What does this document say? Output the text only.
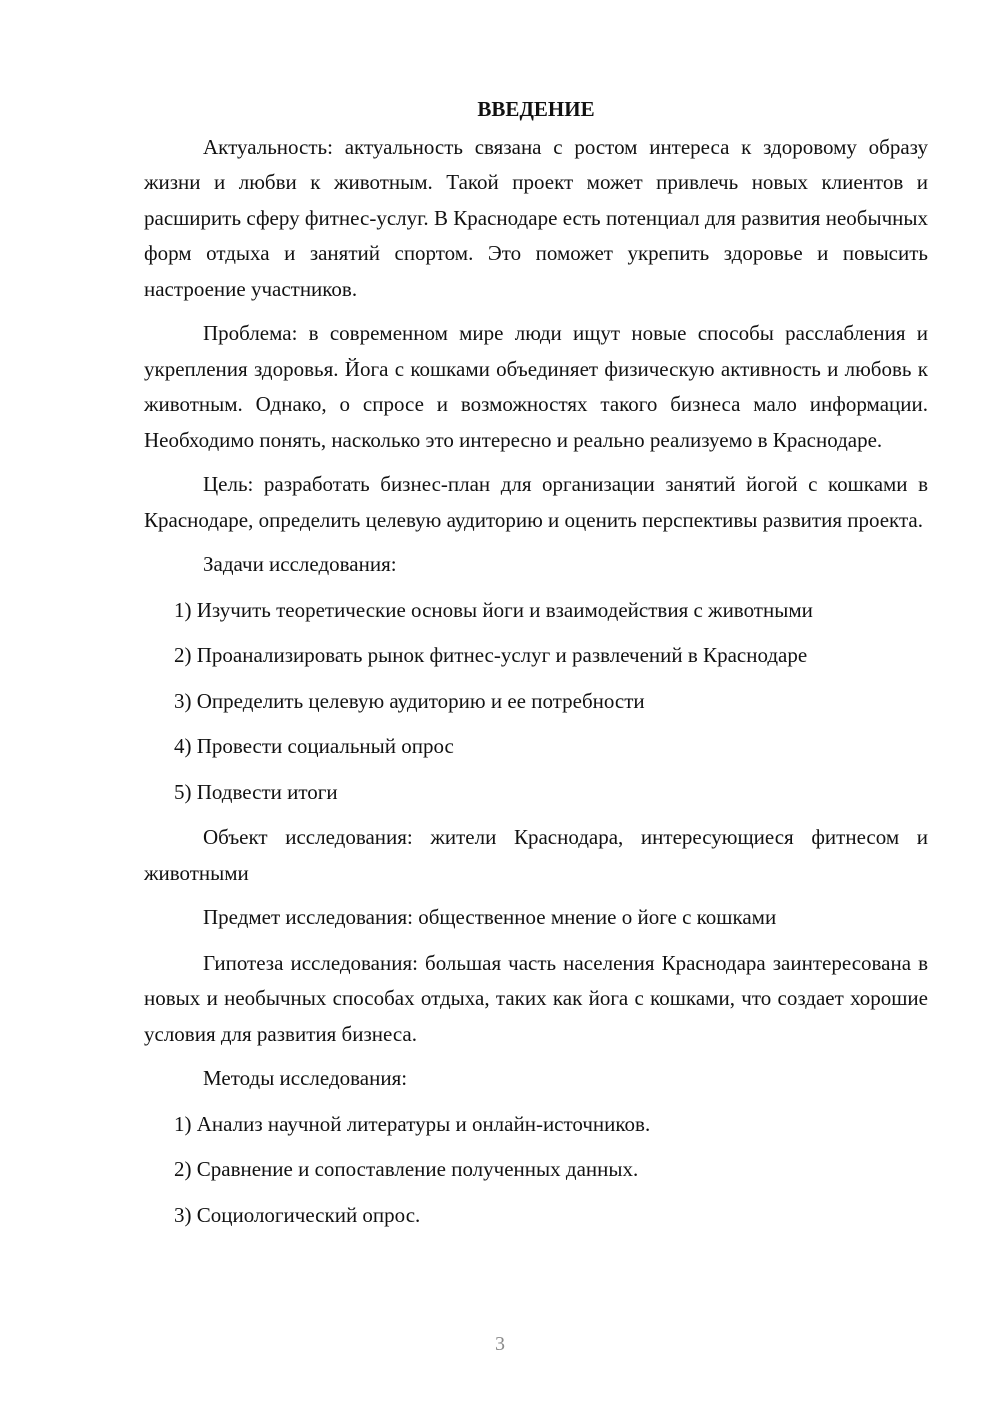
ВВЕДЕНИЕ

Актуальность: актуальность связана с ростом интереса к здоровому образу жизни и любви к животным. Такой проект может привлечь новых клиентов и расширить сферу фитнес-услуг. В Краснодаре есть потенциал для развития необычных форм отдыха и занятий спортом. Это поможет укрепить здоровье и повысить настроение участников.

Проблема: в современном мире люди ищут новые способы расслабления и укрепления здоровья. Йога с кошками объединяет физическую активность и любовь к животным. Однако, о спросе и возможностях такого бизнеса мало информации. Необходимо понять, насколько это интересно и реально реализуемо в Краснодаре.

Цель: разработать бизнес-план для организации занятий йогой с кошками в Краснодаре, определить целевую аудиторию и оценить перспективы развития проекта.

Задачи исследования:

1) Изучить теоретические основы йоги и взаимодействия с животными
2) Проанализировать рынок фитнес-услуг и развлечений в Краснодаре
3) Определить целевую аудиторию и ее потребности
4) Провести социальный опрос
5) Подвести итоги

Объект исследования: жители Краснодара, интересующиеся фитнесом и животными

Предмет исследования: общественное мнение о йоге с кошками

Гипотеза исследования: большая часть населения Краснодара заинтересована в новых и необычных способах отдыха, таких как йога с кошками, что создает хорошие условия для развития бизнеса.

Методы исследования:

1) Анализ научной литературы и онлайн-источников.
2) Сравнение и сопоставление полученных данных.
3) Социологический опрос.
3
